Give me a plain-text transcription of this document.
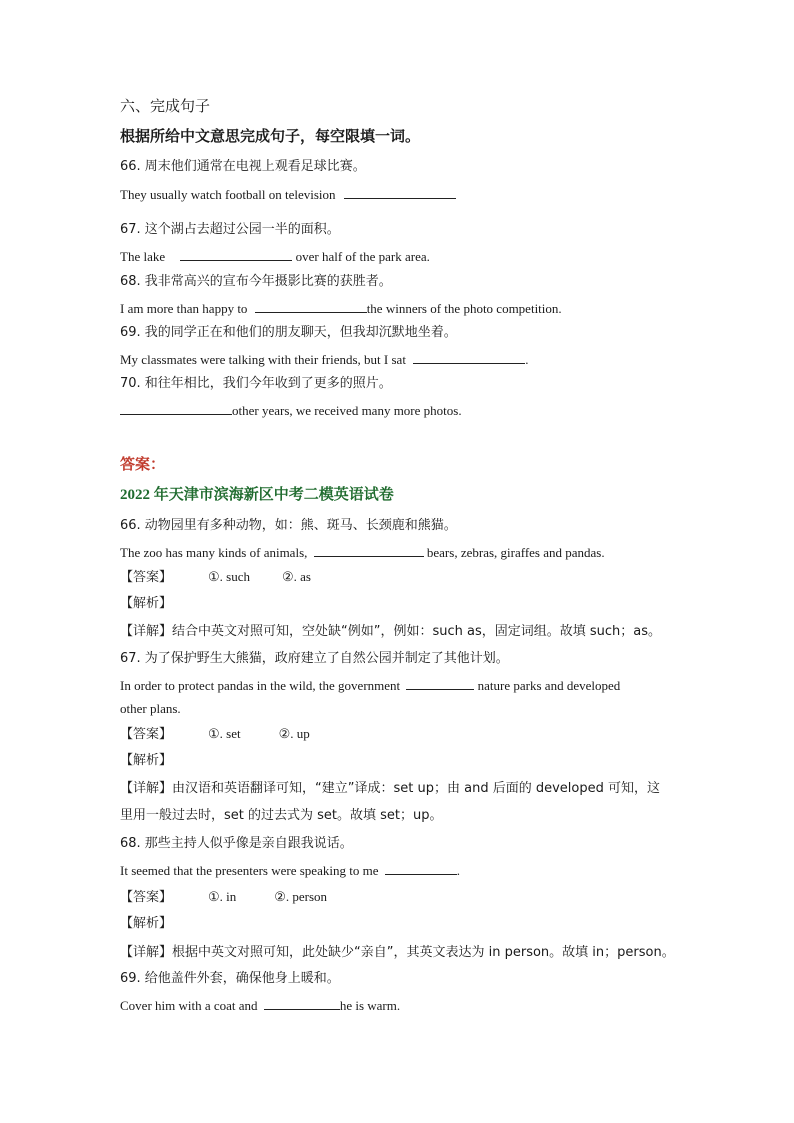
六、完成句子
根据所给中文意思完成句子，每空限填一词。
66. 周末他们通常在电视上观看足球比赛。
They usually watch football on television
67. 这个湖占去超过公园一半的面积。
The lake	over half of the park area.
68. 我非常高兴的宣布今年摄影比赛的获胜者。
I am more than happy to	the winners of the photo competition.
69. 我的同学正在和他们的朋友聊天，但我却沉默地坐着。
My classmates were talking with their friends, but I sat	.
70. 和往年相比，我们今年收到了更多的照片。
other years, we received many more photos.
答案：
2022 年天津市滨海新区中考二模英语试卷
66. 动物园里有多种动物，如：熊、斑马、长颈鹿和熊猫。
The zoo has many kinds of animals,	bears, zebras, giraffes and pandas.
【答案】	①. such ②. as
【解析】
【详解】结合中英文对照可知，空处缺“例如”，例如：such as，固定词组。故填 such；as。
67. 为了保护野生大熊猫，政府建立了自然公园并制定了其他计划。
In order to protect pandas in the wild, the government	nature parks and developed
other plans.
【答案】	①. set	②. up
【解析】
【详解】由汉语和英语翻译可知，“建立”译成：set up；由 and 后面的 developed 可知，这
里用一般过去时，set 的过去式为 set。故填 set；up。
68. 那些主持人似乎像是亲自跟我说话。
It seemed that the presenters were speaking to me	.
【答案】	①. in	②. person
【解析】
【详解】根据中英文对照可知，此处缺少“亲自”，其英文表达为 in person。故填 in；person。
69. 给他盖件外套，确保他身上暖和。
Cover him with a coat and	he is warm.
